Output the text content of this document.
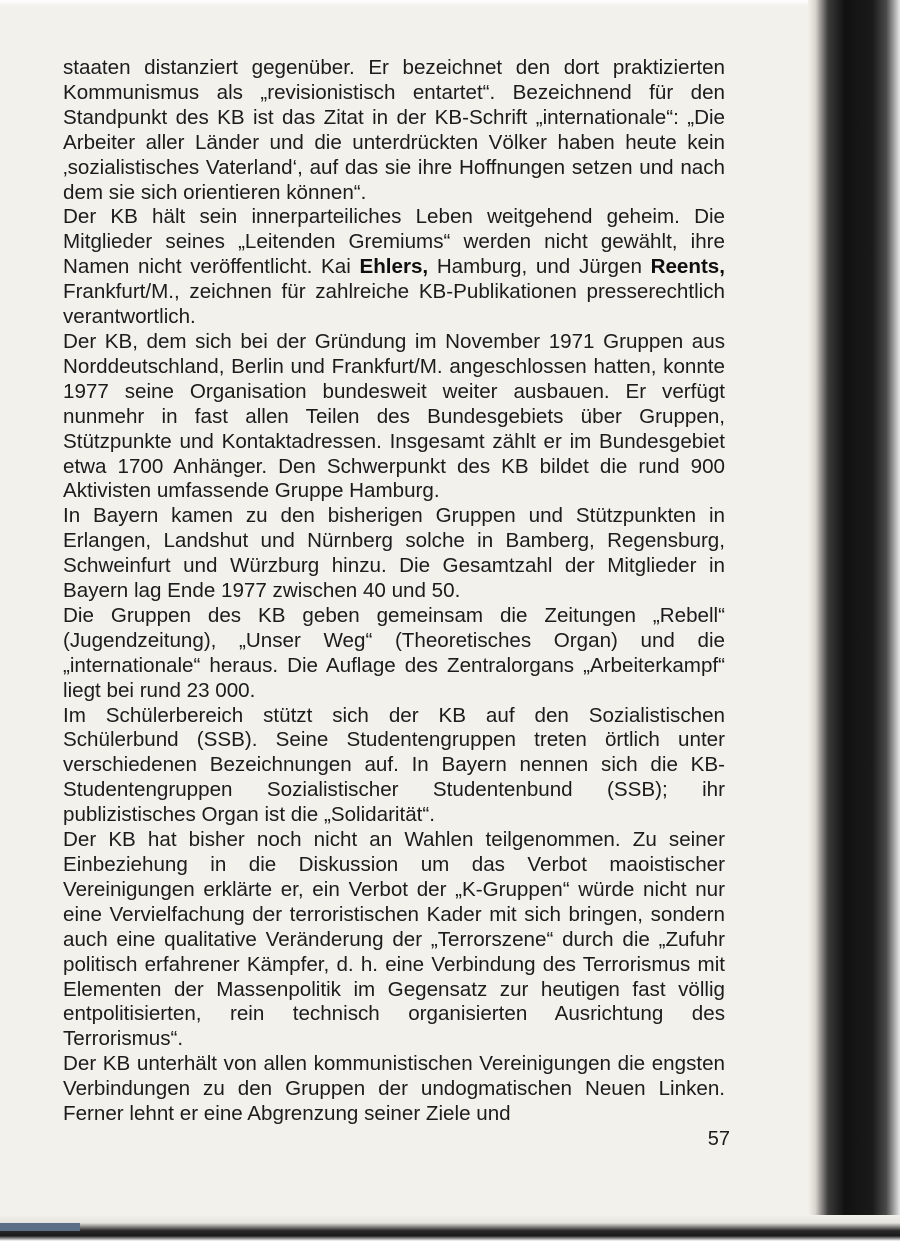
staaten distanziert gegenüber. Er bezeichnet den dort praktizierten Kommunismus als „revisionistisch entartet“. Bezeichnend für den Standpunkt des KB ist das Zitat in der KB-Schrift „internationale“: „Die Arbeiter aller Länder und die unterdrückten Völker haben heute kein ‚sozialistisches Vaterland‘, auf das sie ihre Hoffnungen setzen und nach dem sie sich orientieren können“.

Der KB hält sein innerparteiliches Leben weitgehend geheim. Die Mitglieder seines „Leitenden Gremiums“ werden nicht gewählt, ihre Namen nicht veröffentlicht. Kai Ehlers, Hamburg, und Jürgen Reents, Frankfurt/M., zeichnen für zahlreiche KB-Publikationen presserechtlich verantwortlich.

Der KB, dem sich bei der Gründung im November 1971 Gruppen aus Norddeutschland, Berlin und Frankfurt/M. angeschlossen hatten, konnte 1977 seine Organisation bundesweit weiter ausbauen. Er verfügt nunmehr in fast allen Teilen des Bundesgebiets über Gruppen, Stützpunkte und Kontaktadressen. Insgesamt zählt er im Bundesgebiet etwa 1700 Anhänger. Den Schwerpunkt des KB bildet die rund 900 Aktivisten umfassende Gruppe Hamburg.

In Bayern kamen zu den bisherigen Gruppen und Stützpunkten in Erlangen, Landshut und Nürnberg solche in Bamberg, Regensburg, Schweinfurt und Würzburg hinzu. Die Gesamtzahl der Mitglieder in Bayern lag Ende 1977 zwischen 40 und 50.

Die Gruppen des KB geben gemeinsam die Zeitungen „Rebell“ (Jugendzeitung), „Unser Weg“ (Theoretisches Organ) und die „internationale“ heraus. Die Auflage des Zentralorgans „Arbeiterkampf“ liegt bei rund 23 000.

Im Schülerbereich stützt sich der KB auf den Sozialistischen Schülerbund (SSB). Seine Studentengruppen treten örtlich unter verschiedenen Bezeichnungen auf. In Bayern nennen sich die KB-Studentengruppen Sozialistischer Studentenbund (SSB); ihr publizistisches Organ ist die „Solidarität“.

Der KB hat bisher noch nicht an Wahlen teilgenommen. Zu seiner Einbeziehung in die Diskussion um das Verbot maoistischer Vereinigungen erklärte er, ein Verbot der „K-Gruppen“ würde nicht nur eine Vervielfachung der terroristischen Kader mit sich bringen, sondern auch eine qualitative Veränderung der „Terrorszene“ durch die „Zufuhr politisch erfahrener Kämpfer, d. h. eine Verbindung des Terrorismus mit Elementen der Massenpolitik im Gegensatz zur heutigen fast völlig entpolitisierten, rein technisch organisierten Ausrichtung des Terrorismus“.

Der KB unterhält von allen kommunistischen Vereinigungen die engsten Verbindungen zu den Gruppen der undogmatischen Neuen Linken. Ferner lehnt er eine Abgrenzung seiner Ziele und

57
